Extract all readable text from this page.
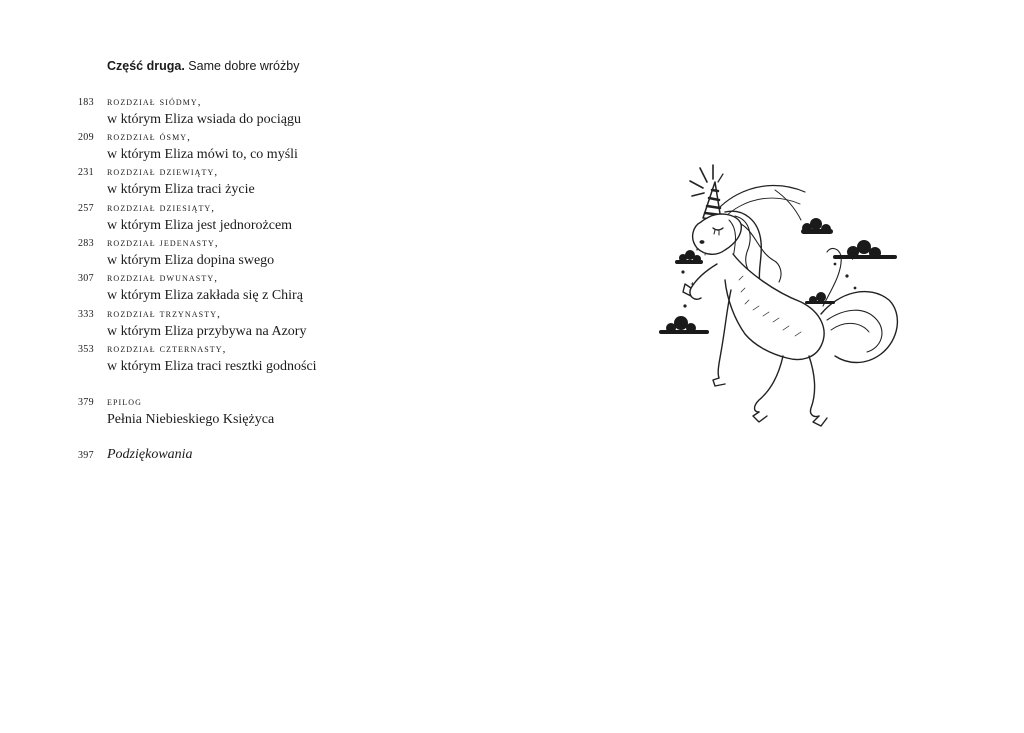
Część druga. Same dobre wróżby
183 rozdział siódmy,
w którym Eliza wsiada do pociągu
209 rozdział ósmy,
w którym Eliza mówi to, co myśli
231 rozdział dziewiąty,
w którym Eliza traci życie
257 rozdział dziesiąty,
w którym Eliza jest jednorożcem
283 rozdział jedenasty,
w którym Eliza dopina swego
307 rozdział dwunasty,
w którym Eliza zakłada się z Chirą
333 rozdział trzynasty,
w którym Eliza przybywa na Azory
353 rozdział czternasty,
w którym Eliza traci resztki godności
379 epilog
Pełnia Niebieskiego Księżyca
397 Podziękowania
